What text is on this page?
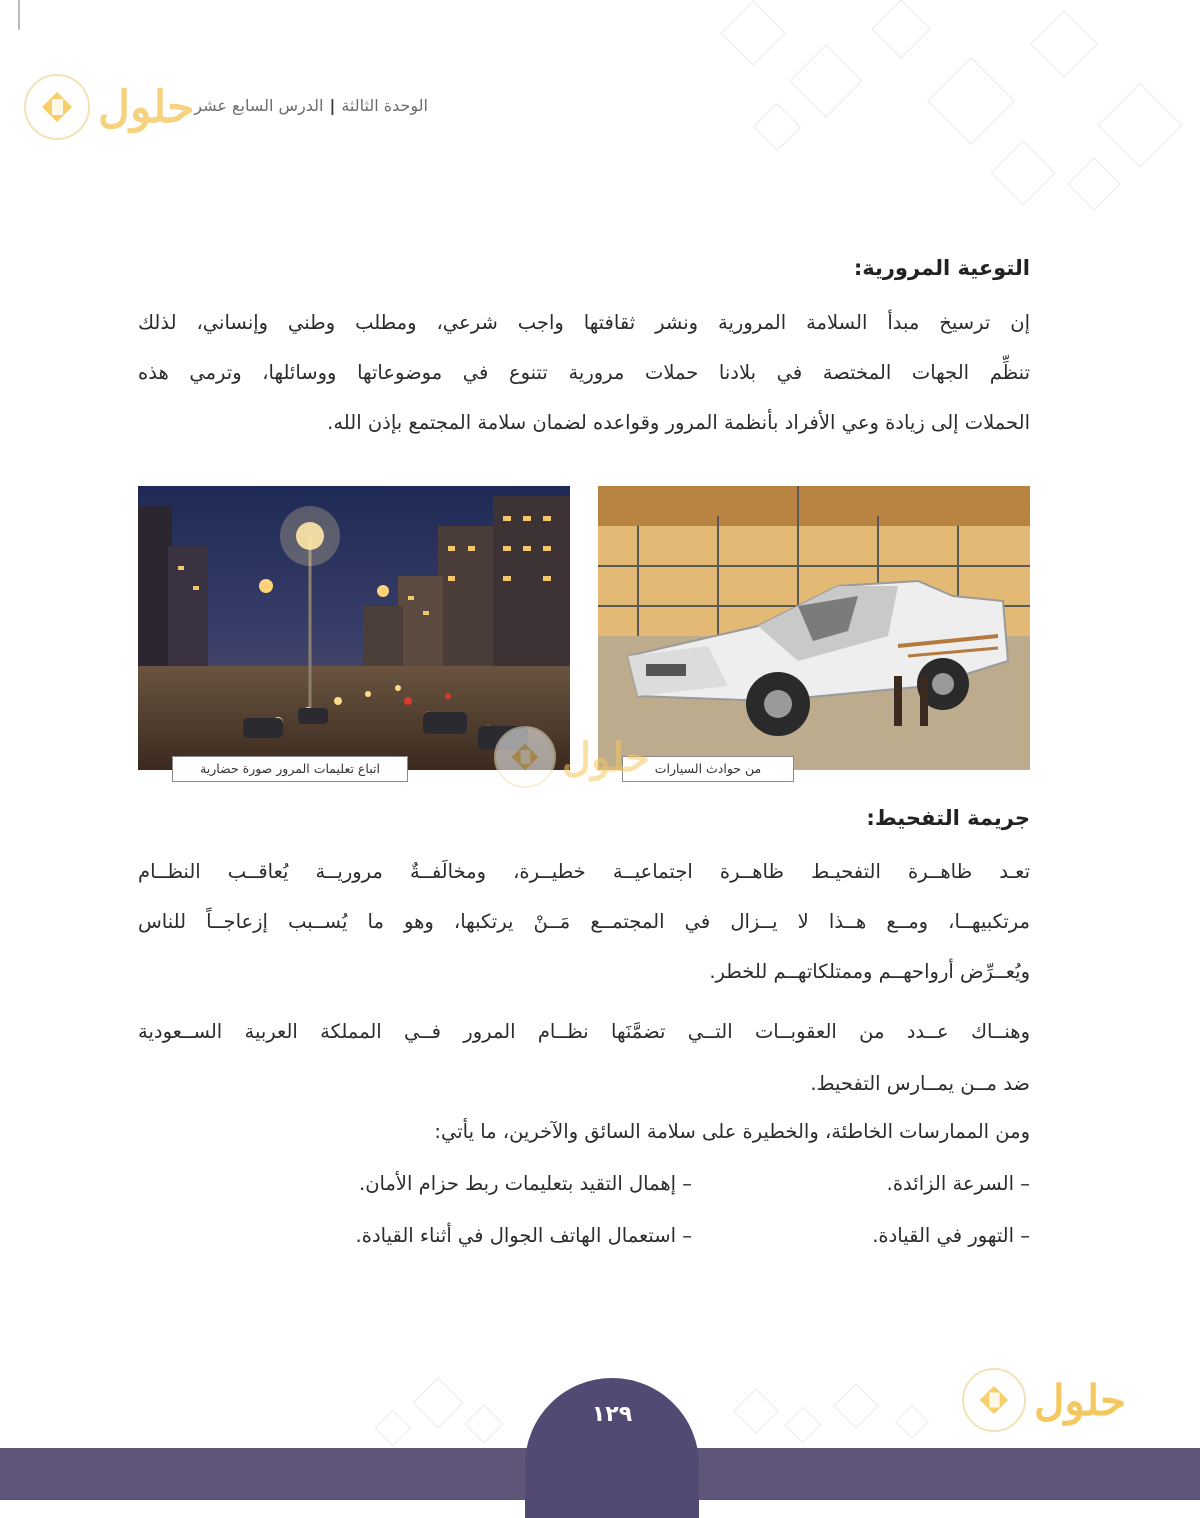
حلول	الوحدة الثالثة|الدرس السابع عشر
التوعية المرورية:
إن ترسيخ مبدأ السلامة المرورية ونشر ثقافتها واجب شرعي، ومطلب وطني وإنساني، لذلك
تنظِّم الجهات المختصة في بلادنا حملات مرورية تتنوع في موضوعاتها ووسائلها، وترمي هذه
الحملات إلى زيادة وعي الأفراد بأنظمة المرور وقواعده لضمان سلامة المجتمع بإذن الله.
اتباع تعليمات المرور صورة حضارية	من حوادث السيارات
حلول
جريمة التفحيط:
تعـد ظاهــرة التفحيـط ظاهــرة اجتماعيــة خطيــرة، ومخالَفــةٌ مروريــة يُعاقــب النظــام
مرتكبيهــا، ومــع هــذا لا يــزال في المجتمــع مَــنْ يرتكبها، وهو ما يُســبب إزعاجــاً للناس
ويُعــرِّض أرواحهــم وممتلكاتهــم للخطر.
وهنــاك عــدد من العقوبــات التــي تضمَّنَها نظــام المرور فــي المملكة العربية الســعودية
ضد مــن يمــارس التفحيط.
ومن الممارسات الخاطئة، والخطيرة على سلامة السائق والآخرين، ما يأتي:
– السرعة الزائدة.
– إهمال التقيد بتعليمات ربط حزام الأمان.
– التهور في القيادة.
– استعمال الهاتف الجوال في أثناء القيادة.
حلول
١٢٩
